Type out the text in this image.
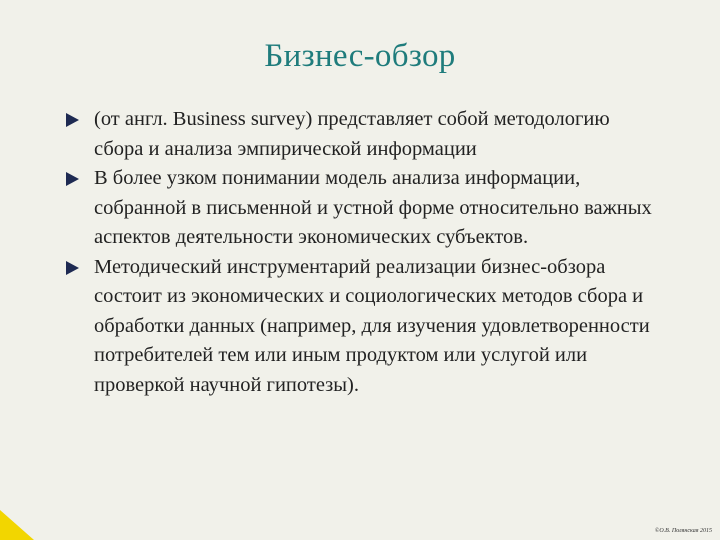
Бизнес-обзор
(от англ. Business survey) представляет собой методологию сбора и анализа эмпирической информации
В более узком понимании модель анализа информации, собранной в письменной и устной форме относительно важных аспектов деятельности экономических субъектов.
Методический инструментарий реализации бизнес-обзора состоит из экономических и социологических методов сбора и обработки данных (например, для изучения удовлетворенности потребителей тем или иным продуктом или услугой или проверкой научной гипотезы).
©О.В. Полянская 2015
